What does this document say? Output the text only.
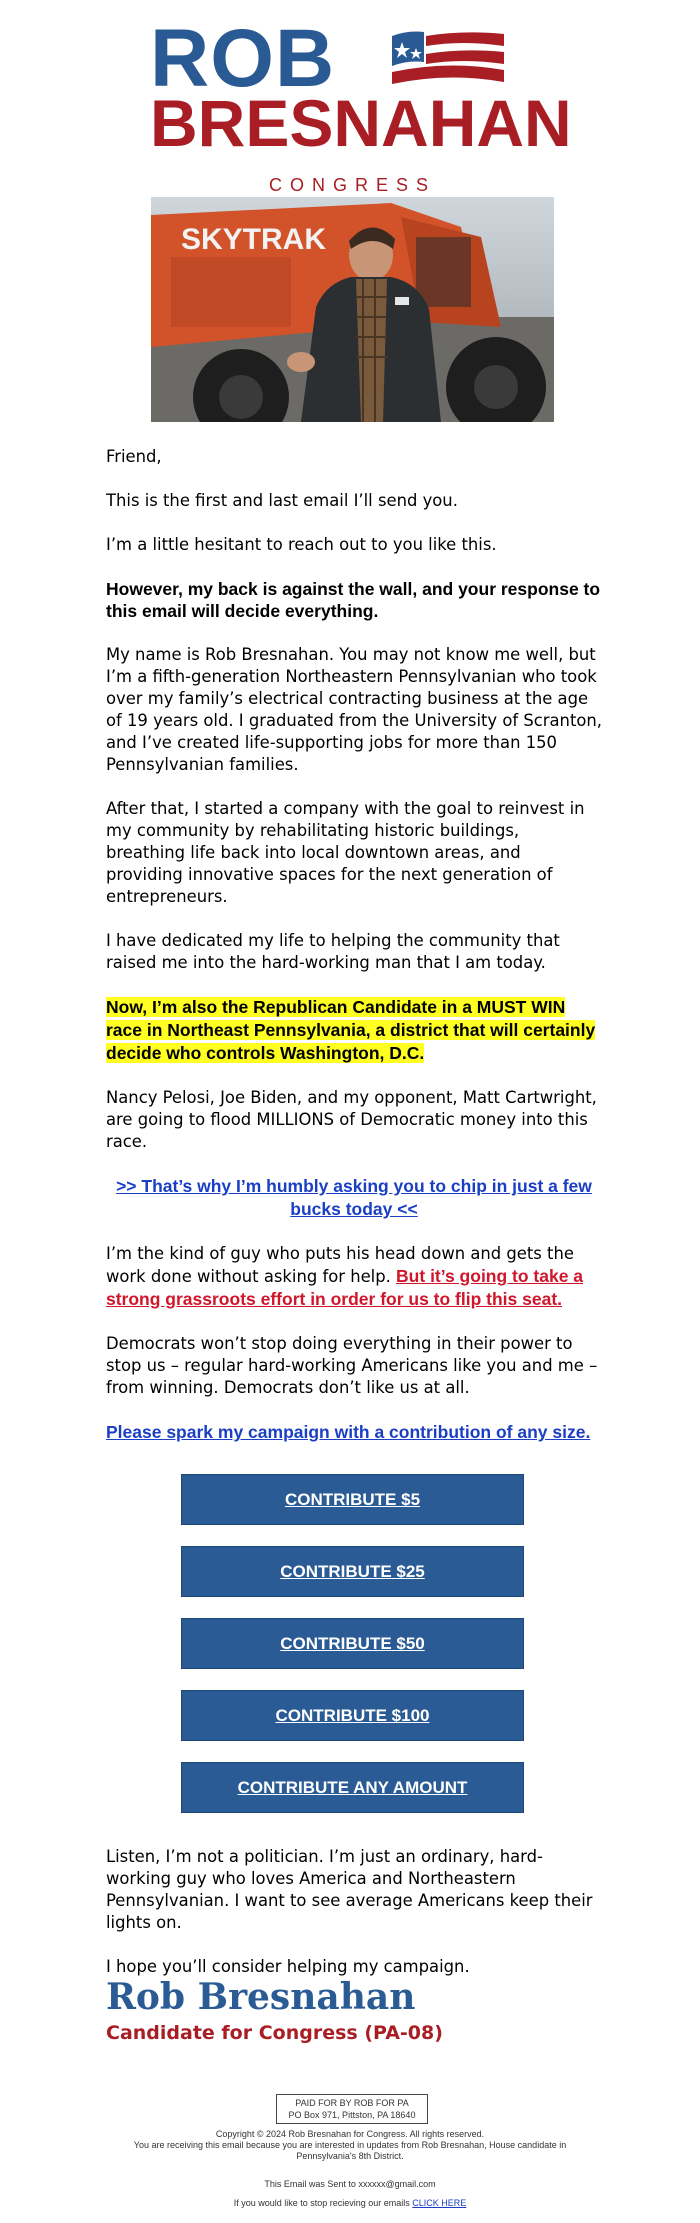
ROB
BRESNAHAN
CONGRESS
SKYTRAK

Friend,

This is the first and last email I’ll send you.

I’m a little hesitant to reach out to you like this.

However, my back is against the wall, and your response to this email will decide everything.

My name is Rob Bresnahan. You may not know me well, but I’m a fifth-generation Northeastern Pennsylvanian who took over my family’s electrical contracting business at the age of 19 years old. I graduated from the University of Scranton, and I’ve created life-supporting jobs for more than 150 Pennsylvanian families.

After that, I started a company with the goal to reinvest in my community by rehabilitating historic buildings, breathing life back into local downtown areas, and providing innovative spaces for the next generation of entrepreneurs.

I have dedicated my life to helping the community that raised me into the hard-working man that I am today.

Now, I’m also the Republican Candidate in a MUST WIN race in Northeast Pennsylvania, a district that will certainly decide who controls Washington, D.C.

Nancy Pelosi, Joe Biden, and my opponent, Matt Cartwright, are going to flood MILLIONS of Democratic money into this race.

>> That’s why I’m humbly asking you to chip in just a few bucks today <<

I’m the kind of guy who puts his head down and gets the work done without asking for help. But it’s going to take a strong grassroots effort in order for us to flip this seat.

Democrats won’t stop doing everything in their power to stop us – regular hard-working Americans like you and me – from winning. Democrats don’t like us at all.

Please spark my campaign with a contribution of any size.

CONTRIBUTE $5
CONTRIBUTE $25
CONTRIBUTE $50
CONTRIBUTE $100
CONTRIBUTE ANY AMOUNT

Listen, I’m not a politician. I’m just an ordinary, hard-working guy who loves America and Northeastern Pennsylvanian. I want to see average Americans keep their lights on.

I hope you’ll consider helping my campaign.

Rob Bresnahan
Candidate for Congress (PA-08)
PAID FOR BY ROB FOR PA
PO Box 971, Pittston, PA 18640
Copyright © 2024 Rob Bresnahan for Congress. All rights reserved.
You are receiving this email because you are interested in updates from Rob Bresnahan, House candidate in Pennsylvania's 8th District.
This Email was Sent to xxxxxx@gmail.com
If you would like to stop recieving our emails CLICK HERE
